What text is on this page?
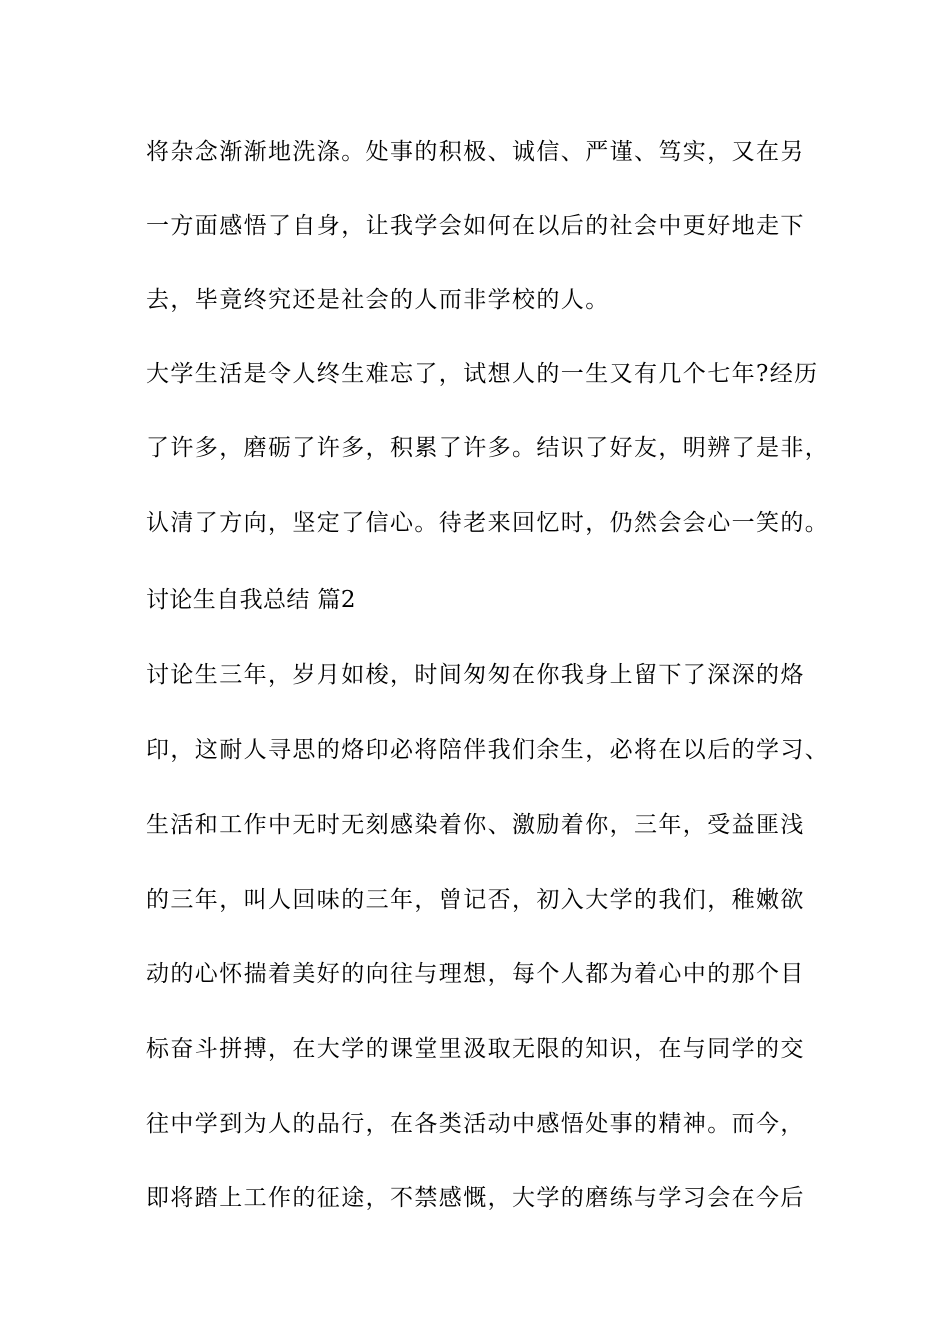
将杂念渐渐地洗涤。处事的积极、诚信、严谨、笃实，又在另

一方面感悟了自身，让我学会如何在以后的社会中更好地走下

去，毕竟终究还是社会的人而非学校的人。

大学生活是令人终生难忘了，试想人的一生又有几个七年?经历

了许多，磨砺了许多，积累了许多。结识了好友，明辨了是非，

认清了方向，坚定了信心。待老来回忆时，仍然会会心一笑的。

讨论生自我总结 篇2

讨论生三年，岁月如梭，时间匆匆在你我身上留下了深深的烙

印，这耐人寻思的烙印必将陪伴我们余生，必将在以后的学习、

生活和工作中无时无刻感染着你、激励着你，三年，受益匪浅

的三年，叫人回味的三年，曾记否，初入大学的我们，稚嫩欲

动的心怀揣着美好的向往与理想，每个人都为着心中的那个目

标奋斗拼搏，在大学的课堂里汲取无限的知识，在与同学的交

往中学到为人的品行，在各类活动中感悟处事的精神。而今，

即将踏上工作的征途，不禁感慨，大学的磨练与学习会在今后
